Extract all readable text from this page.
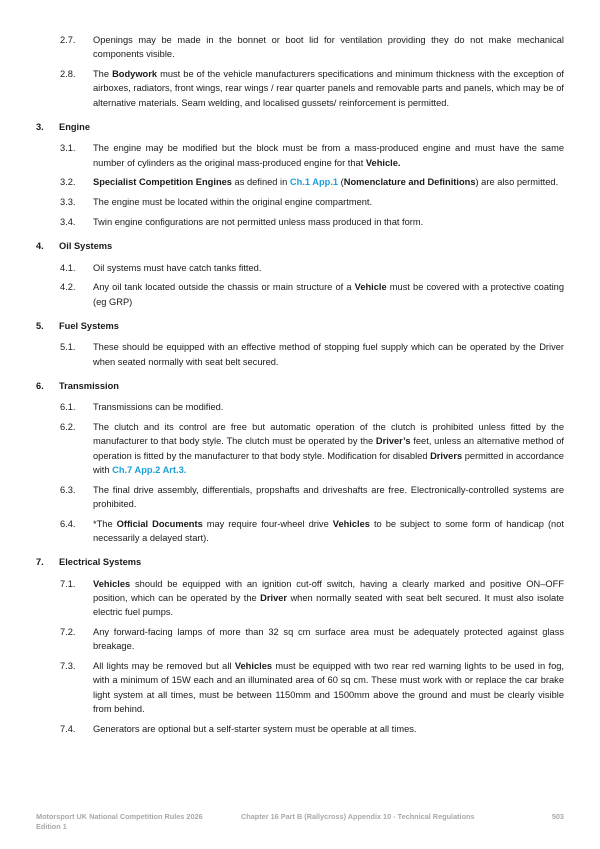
2.7.	Openings may be made in the bonnet or boot lid for ventilation providing they do not make mechanical components visible.
2.8.	The Bodywork must be of the vehicle manufacturers specifications and minimum thickness with the exception of airboxes, radiators, front wings, rear wings / rear quarter panels and removable parts and panels, which may be of alternative materials. Seam welding, and localised gussets/ reinforcement is permitted.
3.	Engine
3.1.	The engine may be modified but the block must be from a mass-produced engine and must have the same number of cylinders as the original mass-produced engine for that Vehicle.
3.2.	Specialist Competition Engines as defined in Ch.1 App.1 (Nomenclature and Definitions) are also permitted.
3.3.	The engine must be located within the original engine compartment.
3.4.	Twin engine configurations are not permitted unless mass produced in that form.
4.	Oil Systems
4.1.	Oil systems must have catch tanks fitted.
4.2.	Any oil tank located outside the chassis or main structure of a Vehicle must be covered with a protective coating (eg GRP)
5.	Fuel Systems
5.1.	These should be equipped with an effective method of stopping fuel supply which can be operated by the Driver when seated normally with seat belt secured.
6.	Transmission
6.1.	Transmissions can be modified.
6.2.	The clutch and its control are free but automatic operation of the clutch is prohibited unless fitted by the manufacturer to that body style. The clutch must be operated by the Driver’s feet, unless an alternative method of operation is fitted by the manufacturer to that body style. Modification for disabled Drivers permitted in accordance with Ch.7 App.2 Art.3.
6.3.	The final drive assembly, differentials, propshafts and driveshafts are free. Electronically-controlled systems are prohibited.
6.4.	*The Official Documents may require four-wheel drive Vehicles to be subject to some form of handicap (not necessarily a delayed start).
7.	Electrical Systems
7.1.	Vehicles should be equipped with an ignition cut-off switch, having a clearly marked and positive ON–OFF position, which can be operated by the Driver when normally seated with seat belt secured. It must also isolate electric fuel pumps.
7.2.	Any forward-facing lamps of more than 32 sq cm surface area must be adequately protected against glass breakage.
7.3.	All lights may be removed but all Vehicles must be equipped with two rear red warning lights to be used in fog, with a minimum of 15W each and an illuminated area of 60 sq cm. These must work with or replace the car brake light system at all times, must be between 1150mm and 1500mm above the ground and must be clearly visible from behind.
7.4.	Generators are optional but a self-starter system must be operable at all times.
Motorsport UK National Competition Rules 2026
Edition 1
Chapter 16 Part B (Rallycross) Appendix 10 - Technical Regulations	503
